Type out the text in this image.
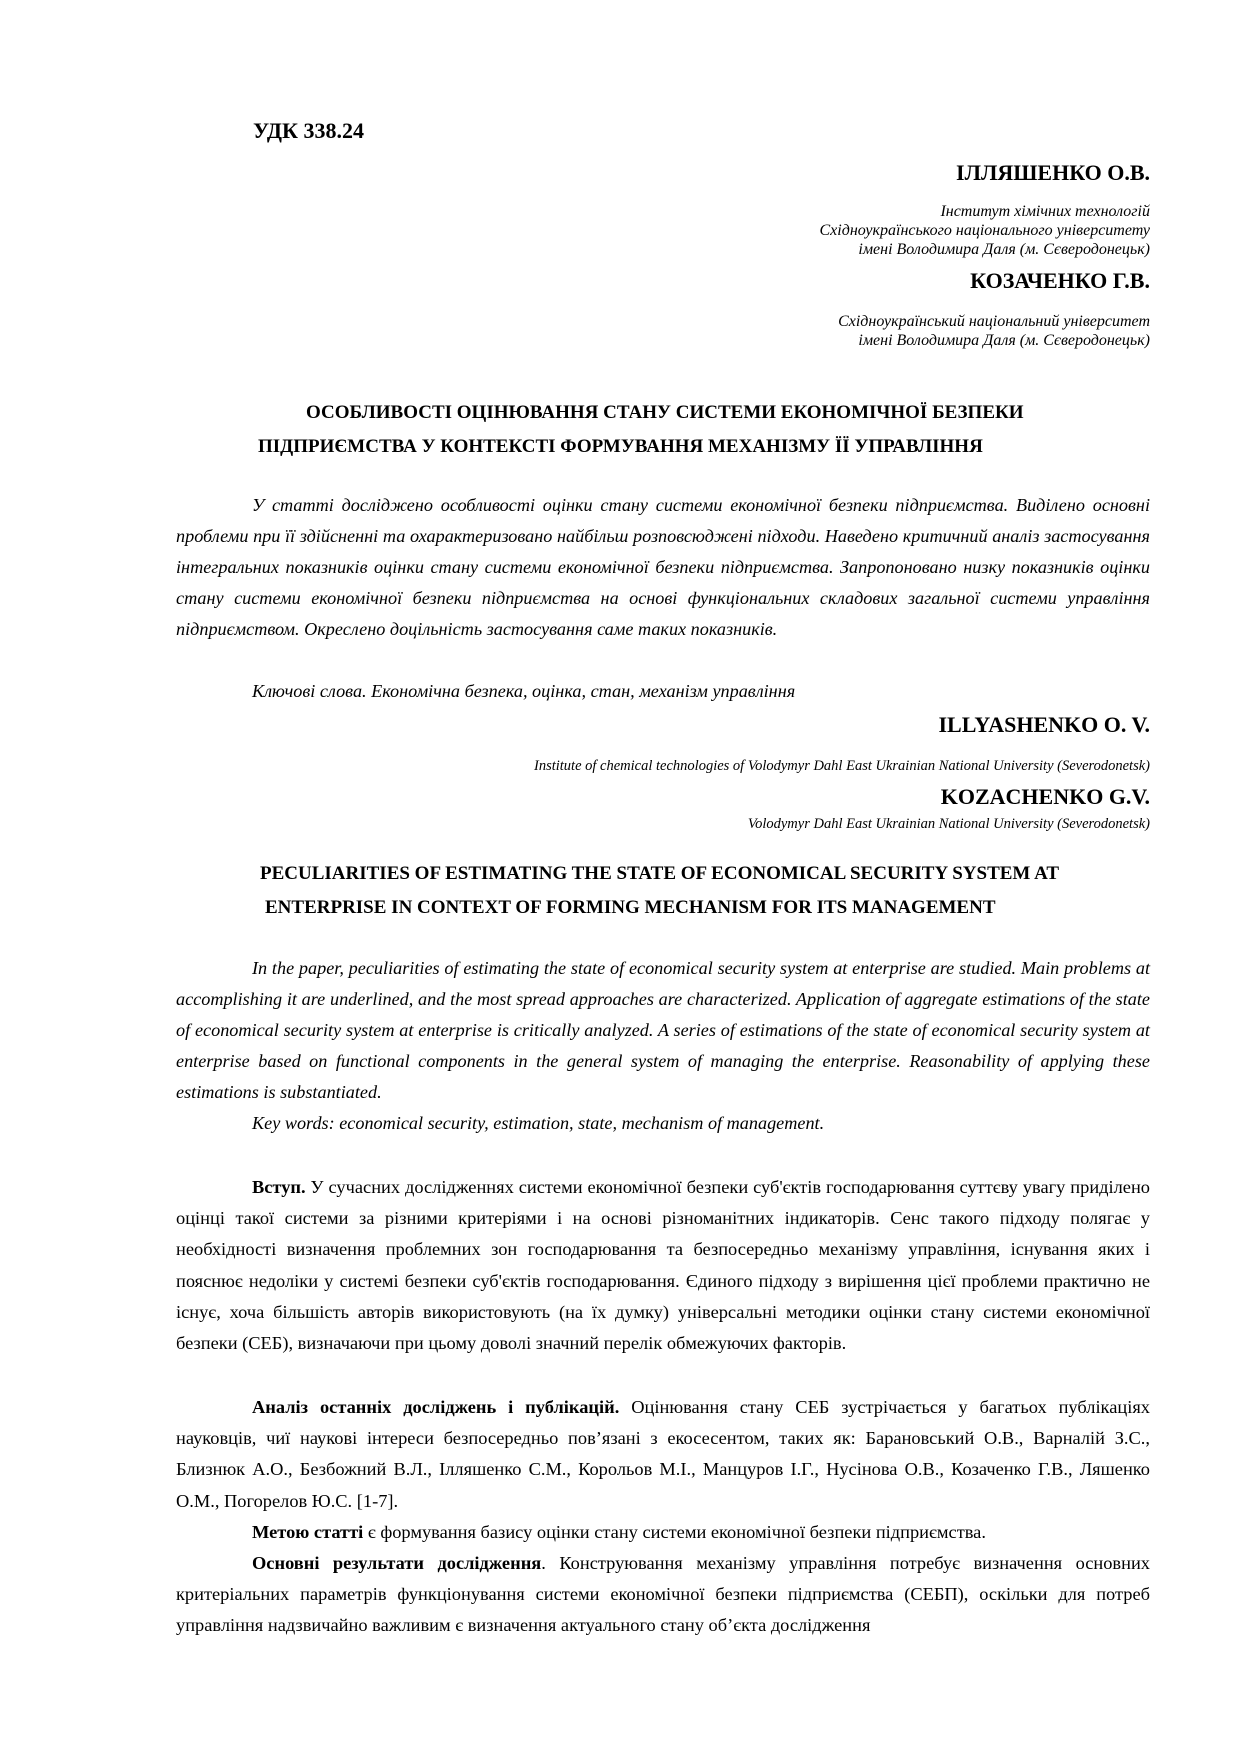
УДК 338.24
ІЛЛЯШЕНКО О.В.
Інститут хімічних технологій
Східноукраїнського національного університету
імені Володимира Даля (м. Сєверодонецьк)
КОЗАЧЕНКО Г.В.
Східноукраїнський національний університет
імені Володимира Даля (м. Сєверодонецьк)
ОСОБЛИВОСТІ ОЦІНЮВАННЯ СТАНУ СИСТЕМИ ЕКОНОМІЧНОЇ БЕЗПЕКИ
ПІДПРИЄМСТВА У КОНТЕКСТІ ФОРМУВАННЯ МЕХАНІЗМУ ЇЇ УПРАВЛІННЯ

У статті досліджено особливості оцінки стану системи економічної безпеки підприємства. Виділено основні проблеми при її здійсненні та охарактеризовано найбільш розповсюджені підходи. Наведено критичний аналіз застосування інтегральних показників оцінки стану системи економічної безпеки підприємства. Запропоновано низку показників оцінки стану системи економічної безпеки підприємства на основі функціональних складових загальної системи управління підприємством. Окреслено доцільність застосування саме таких показників.

Ключові слова. Економічна безпека, оцінка, стан, механізм управління

ILLYASHENKO O. V.
Institute of chemical technologies of Volodymyr Dahl East Ukrainian National University (Severodonetsk)
KOZACHENKO G.V.
Volodymyr Dahl East Ukrainian National University (Severodonetsk)
PECULIARITIES OF ESTIMATING THE STATE OF ECONOMICAL SECURITY SYSTEM AT
ENTERPRISE IN CONTEXT OF FORMING MECHANISM FOR ITS MANAGEMENT

In the paper, peculiarities of estimating the state of economical security system at enterprise are studied. Main problems at accomplishing it are underlined, and the most spread approaches are characterized. Application of aggregate estimations of the state of economical security system at enterprise is critically analyzed. A series of estimations of the state of economical security system at enterprise based on functional components in the general system of managing the enterprise. Reasonability of applying these estimations is substantiated.

Key words: economical security, estimation, state, mechanism of management.

Вступ. У сучасних дослідженнях системи економічної безпеки суб'єктів господарювання суттєву увагу приділено оцінці такої системи за різними критеріями і на основі різноманітних індикаторів. Сенс такого підходу полягає у необхідності визначення проблемних зон господарювання та безпосередньо механізму управління, існування яких і пояснює недоліки у системі безпеки суб'єктів господарювання. Єдиного підходу з вирішення цієї проблеми практично не існує, хоча більшість авторів використовують (на їх думку) універсальні методики оцінки стану системи економічної безпеки (СЕБ), визначаючи при цьому доволі значний перелік обмежуючих факторів.

Аналіз останніх досліджень і публікацій. Оцінювання стану СЕБ зустрічається у багатьох публікаціях науковців, чиї наукові інтереси безпосередньо пов’язані з екосесентом, таких як: Барановський О.В., Варналій З.С., Близнюк А.О., Безбожний В.Л., Ілляшенко С.М., Корольов М.І., Манцуров І.Г., Нусінова О.В., Козаченко Г.В., Ляшенко О.М., Погорелов Ю.С. [1-7].

Метою статті є формування базису оцінки стану системи економічної безпеки підприємства.

Основні результати дослідження. Конструювання механізму управління потребує визначення основних критеріальних параметрів функціонування системи економічної безпеки підприємства (СЕБП), оскільки для потреб управління надзвичайно важливим є визначення актуального стану об’єкта дослідження
